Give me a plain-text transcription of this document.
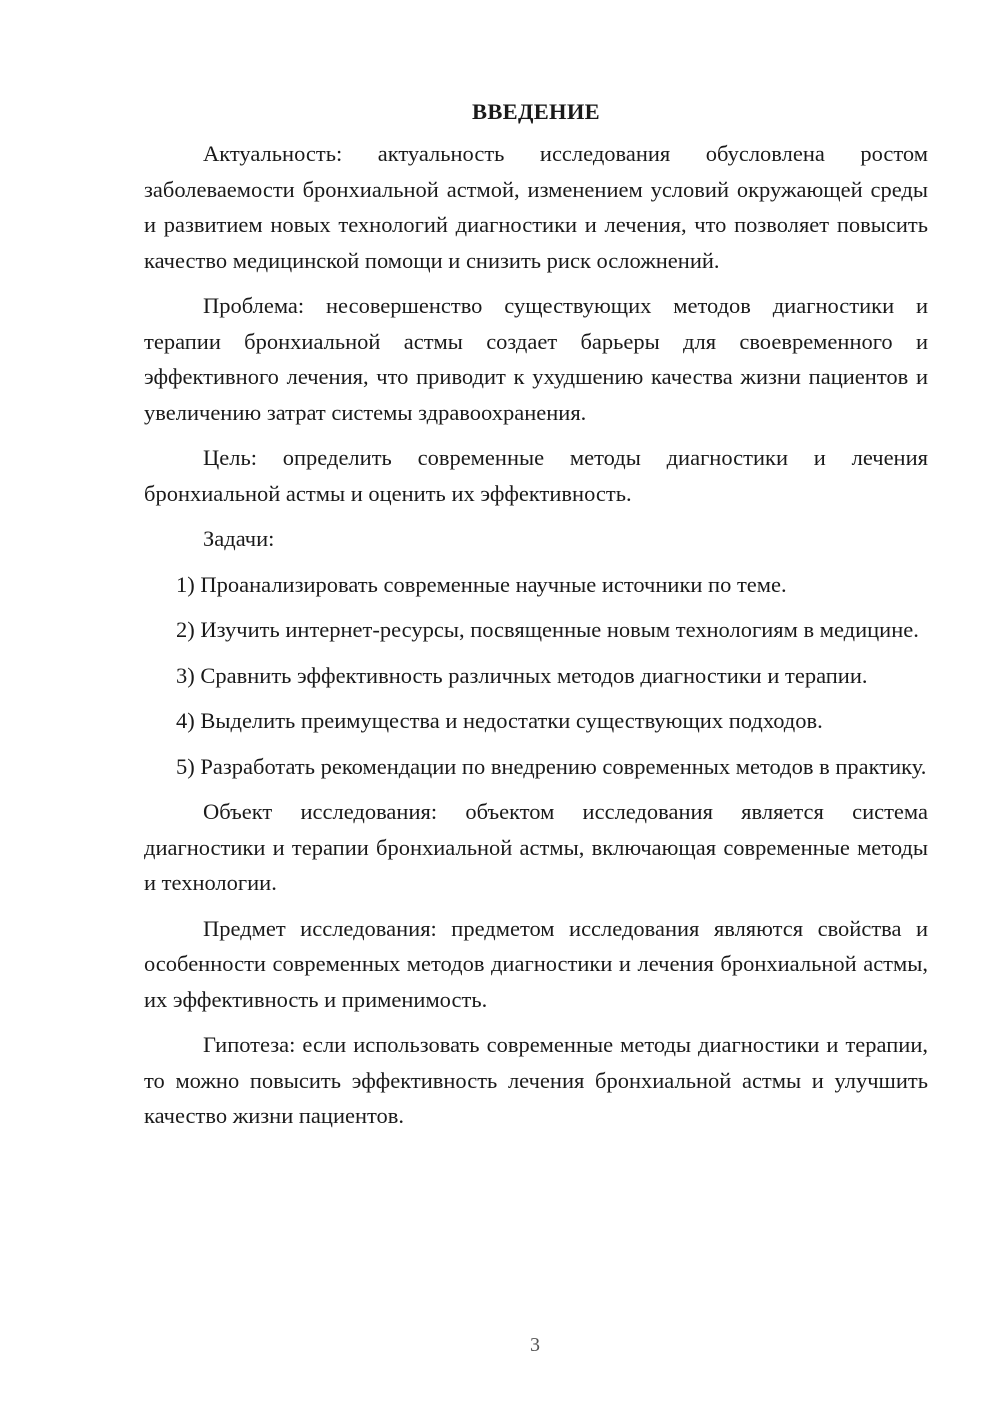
ВВЕДЕНИЕ

Актуальность: актуальность исследования обусловлена ростом заболеваемости бронхиальной астмой, изменением условий окружающей среды и развитием новых технологий диагностики и лечения, что позволяет повысить качество медицинской помощи и снизить риск осложнений.

Проблема: несовершенство существующих методов диагностики и терапии бронхиальной астмы создает барьеры для своевременного и эффективного лечения, что приводит к ухудшению качества жизни пациентов и увеличению затрат системы здравоохранения.

Цель: определить современные методы диагностики и лечения бронхиальной астмы и оценить их эффективность.

Задачи:

1) Проанализировать современные научные источники по теме.

2) Изучить интернет-ресурсы, посвященные новым технологиям в медицине.

3) Сравнить эффективность различных методов диагностики и терапии.

4) Выделить преимущества и недостатки существующих подходов.

5) Разработать рекомендации по внедрению современных методов в практику.

Объект исследования: объектом исследования является система диагностики и терапии бронхиальной астмы, включающая современные методы и технологии.

Предмет исследования: предметом исследования являются свойства и особенности современных методов диагностики и лечения бронхиальной астмы, их эффективность и применимость.

Гипотеза: если использовать современные методы диагностики и терапии, то можно повысить эффективность лечения бронхиальной астмы и улучшить качество жизни пациентов.

3
